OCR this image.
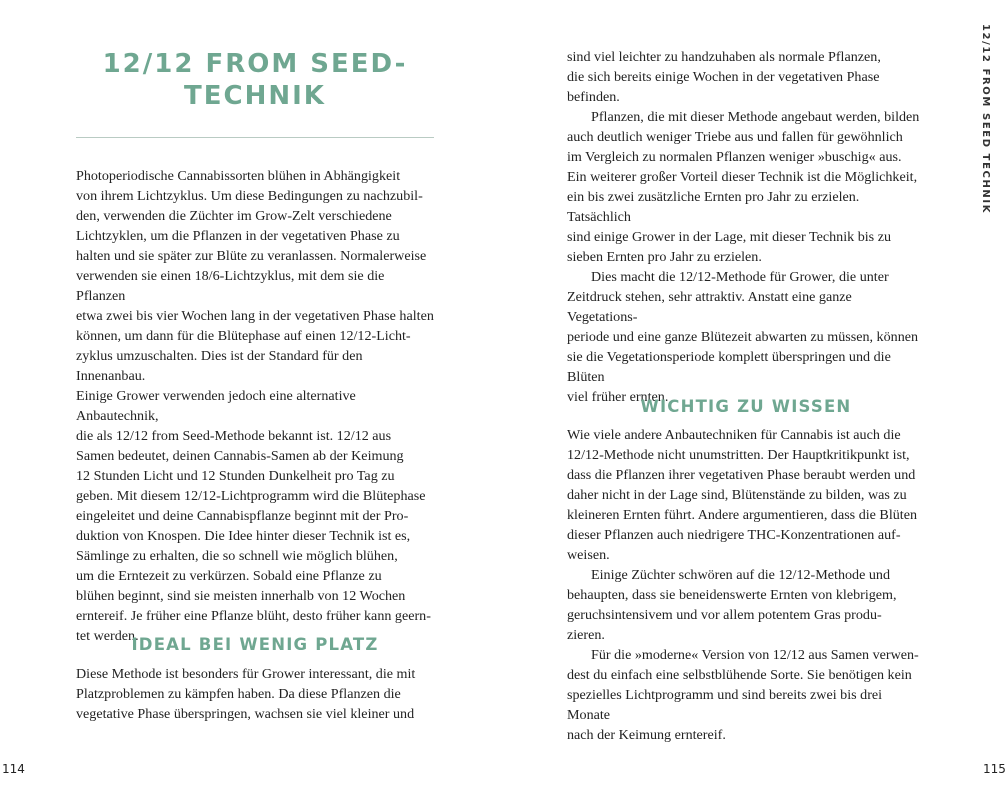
12/12 FROM SEED-
TECHNIK

Photoperiodische Cannabissorten blühen in Abhängigkeit
von ihrem Lichtzyklus. Um diese Bedingungen zu nachzubil-
den, verwenden die Züchter im Grow-Zelt verschiedene
Lichtzyklen, um die Pflanzen in der vegetativen Phase zu
halten und sie später zur Blüte zu veranlassen. Normalerweise
verwenden sie einen 18/6-Lichtzyklus, mit dem sie die Pflanzen
etwa zwei bis vier Wochen lang in der vegetativen Phase halten
können, um dann für die Blütephase auf einen 12/12-Licht-
zyklus umzuschalten. Dies ist der Standard für den Innenanbau.
Einige Grower verwenden jedoch eine alternative Anbautechnik,
die als 12/12 from Seed-Methode bekannt ist. 12/12 aus
Samen bedeutet, deinen Cannabis-Samen ab der Keimung
12 Stunden Licht und 12 Stunden Dunkelheit pro Tag zu
geben. Mit diesem 12/12-Lichtprogramm wird die Blütephase
eingeleitet und deine Cannabispflanze beginnt mit der Pro-
duktion von Knospen. Die Idee hinter dieser Technik ist es,
Sämlinge zu erhalten, die so schnell wie möglich blühen,
um die Erntezeit zu verkürzen. Sobald eine Pflanze zu
blühen beginnt, sind sie meisten innerhalb von 12 Wochen
erntereif. Je früher eine Pflanze blüht, desto früher kann geern-
tet werden.

IDEAL BEI WENIG PLATZ

Diese Methode ist besonders für Grower interessant, die mit
Platzproblemen zu kämpfen haben. Da diese Pflanzen die
vegetative Phase überspringen, wachsen sie viel kleiner und

114

sind viel leichter zu handzuhaben als normale Pflanzen,
die sich bereits einige Wochen in der vegetativen Phase
befinden.

Pflanzen, die mit dieser Methode angebaut werden, bilden
auch deutlich weniger Triebe aus und fallen für gewöhnlich
im Vergleich zu normalen Pflanzen weniger »buschig« aus.
Ein weiterer großer Vorteil dieser Technik ist die Möglichkeit,
ein bis zwei zusätzliche Ernten pro Jahr zu erzielen. Tatsächlich
sind einige Grower in der Lage, mit dieser Technik bis zu
sieben Ernten pro Jahr zu erzielen.

Dies macht die 12/12-Methode für Grower, die unter
Zeitdruck stehen, sehr attraktiv. Anstatt eine ganze Vegetations-
periode und eine ganze Blütezeit abwarten zu müssen, können
sie die Vegetationsperiode komplett überspringen und die Blüten
viel früher ernten.

WICHTIG ZU WISSEN

Wie viele andere Anbautechniken für Cannabis ist auch die
12/12-Methode nicht unumstritten. Der Hauptkritikpunkt ist,
dass die Pflanzen ihrer vegetativen Phase beraubt werden und
daher nicht in der Lage sind, Blütenstände zu bilden, was zu
kleineren Ernten führt. Andere argumentieren, dass die Blüten
dieser Pflanzen auch niedrigere THC-Konzentrationen auf-
weisen.

Einige Züchter schwören auf die 12/12-Methode und
behaupten, dass sie beneidenswerte Ernten von klebrigem,
geruchsintensivem und vor allem potentem Gras produ-
zieren.

Für die »moderne« Version von 12/12 aus Samen verwen-
dest du einfach eine selbstblühende Sorte. Sie benötigen kein
spezielles Lichtprogramm und sind bereits zwei bis drei Monate
nach der Keimung erntereif.

12/12 FROM SEED TECHNIK
115
